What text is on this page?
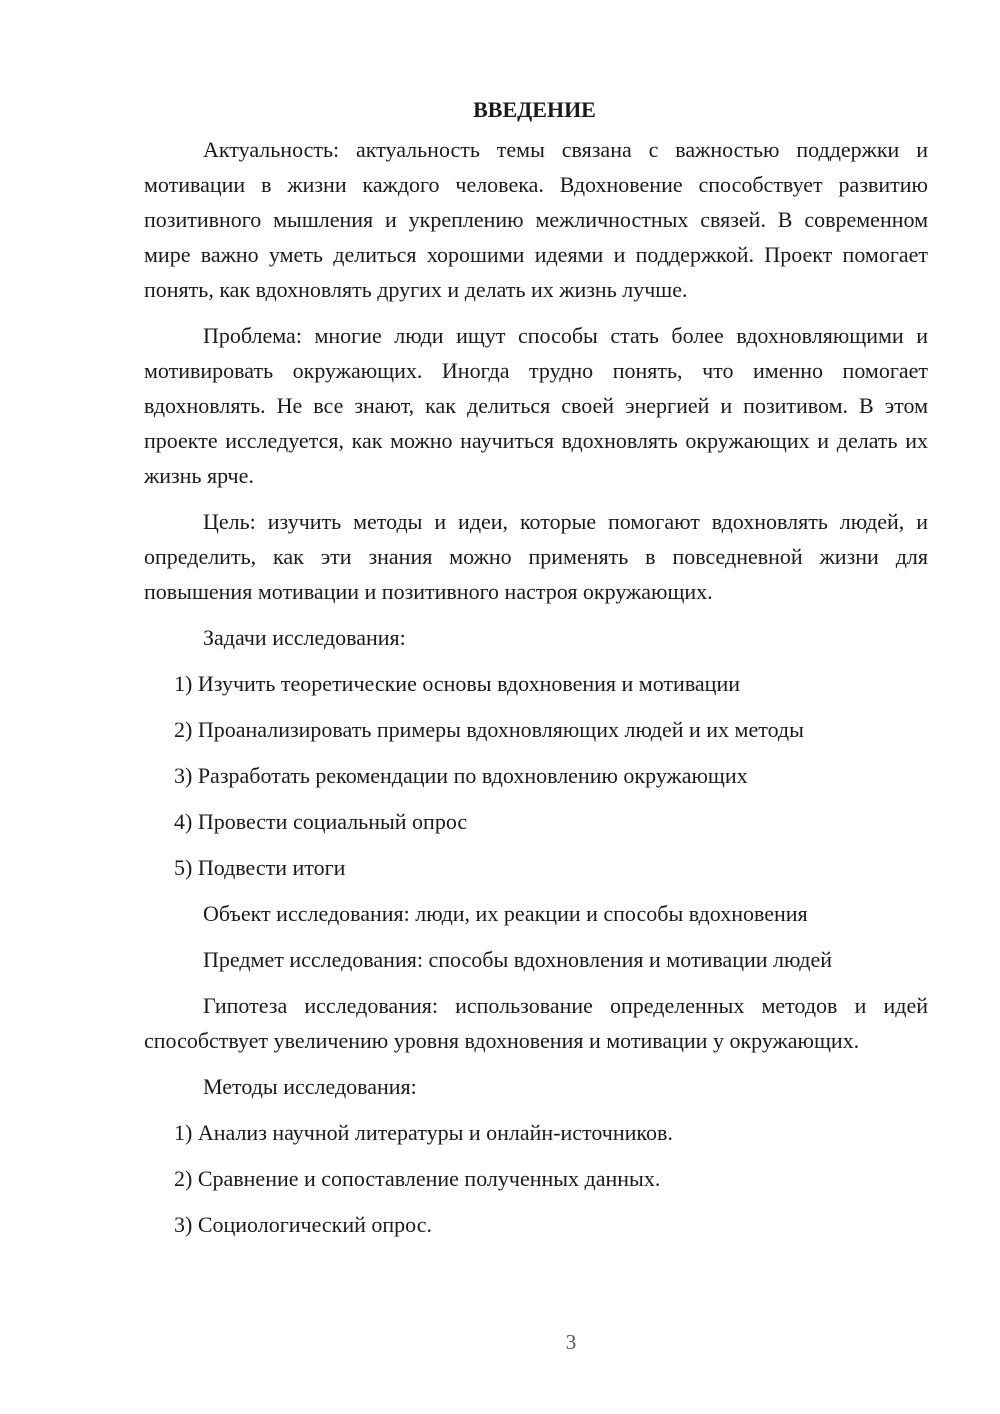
ВВЕДЕНИЕ

Актуальность: актуальность темы связана с важностью поддержки и мотивации в жизни каждого человека. Вдохновение способствует развитию позитивного мышления и укреплению межличностных связей. В современном мире важно уметь делиться хорошими идеями и поддержкой. Проект помогает понять, как вдохновлять других и делать их жизнь лучше.

Проблема: многие люди ищут способы стать более вдохновляющими и мотивировать окружающих. Иногда трудно понять, что именно помогает вдохновлять. Не все знают, как делиться своей энергией и позитивом. В этом проекте исследуется, как можно научиться вдохновлять окружающих и делать их жизнь ярче.

Цель: изучить методы и идеи, которые помогают вдохновлять людей, и определить, как эти знания можно применять в повседневной жизни для повышения мотивации и позитивного настроя окружающих.

Задачи исследования:

1) Изучить теоретические основы вдохновения и мотивации

2) Проанализировать примеры вдохновляющих людей и их методы

3) Разработать рекомендации по вдохновлению окружающих

4) Провести социальный опрос

5) Подвести итоги

Объект исследования: люди, их реакции и способы вдохновения

Предмет исследования: способы вдохновления и мотивации людей

Гипотеза исследования: использование определенных методов и идей способствует увеличению уровня вдохновения и мотивации у окружающих.

Методы исследования:

1) Анализ научной литературы и онлайн-источников.

2) Сравнение и сопоставление полученных данных.

3) Социологический опрос.

3
